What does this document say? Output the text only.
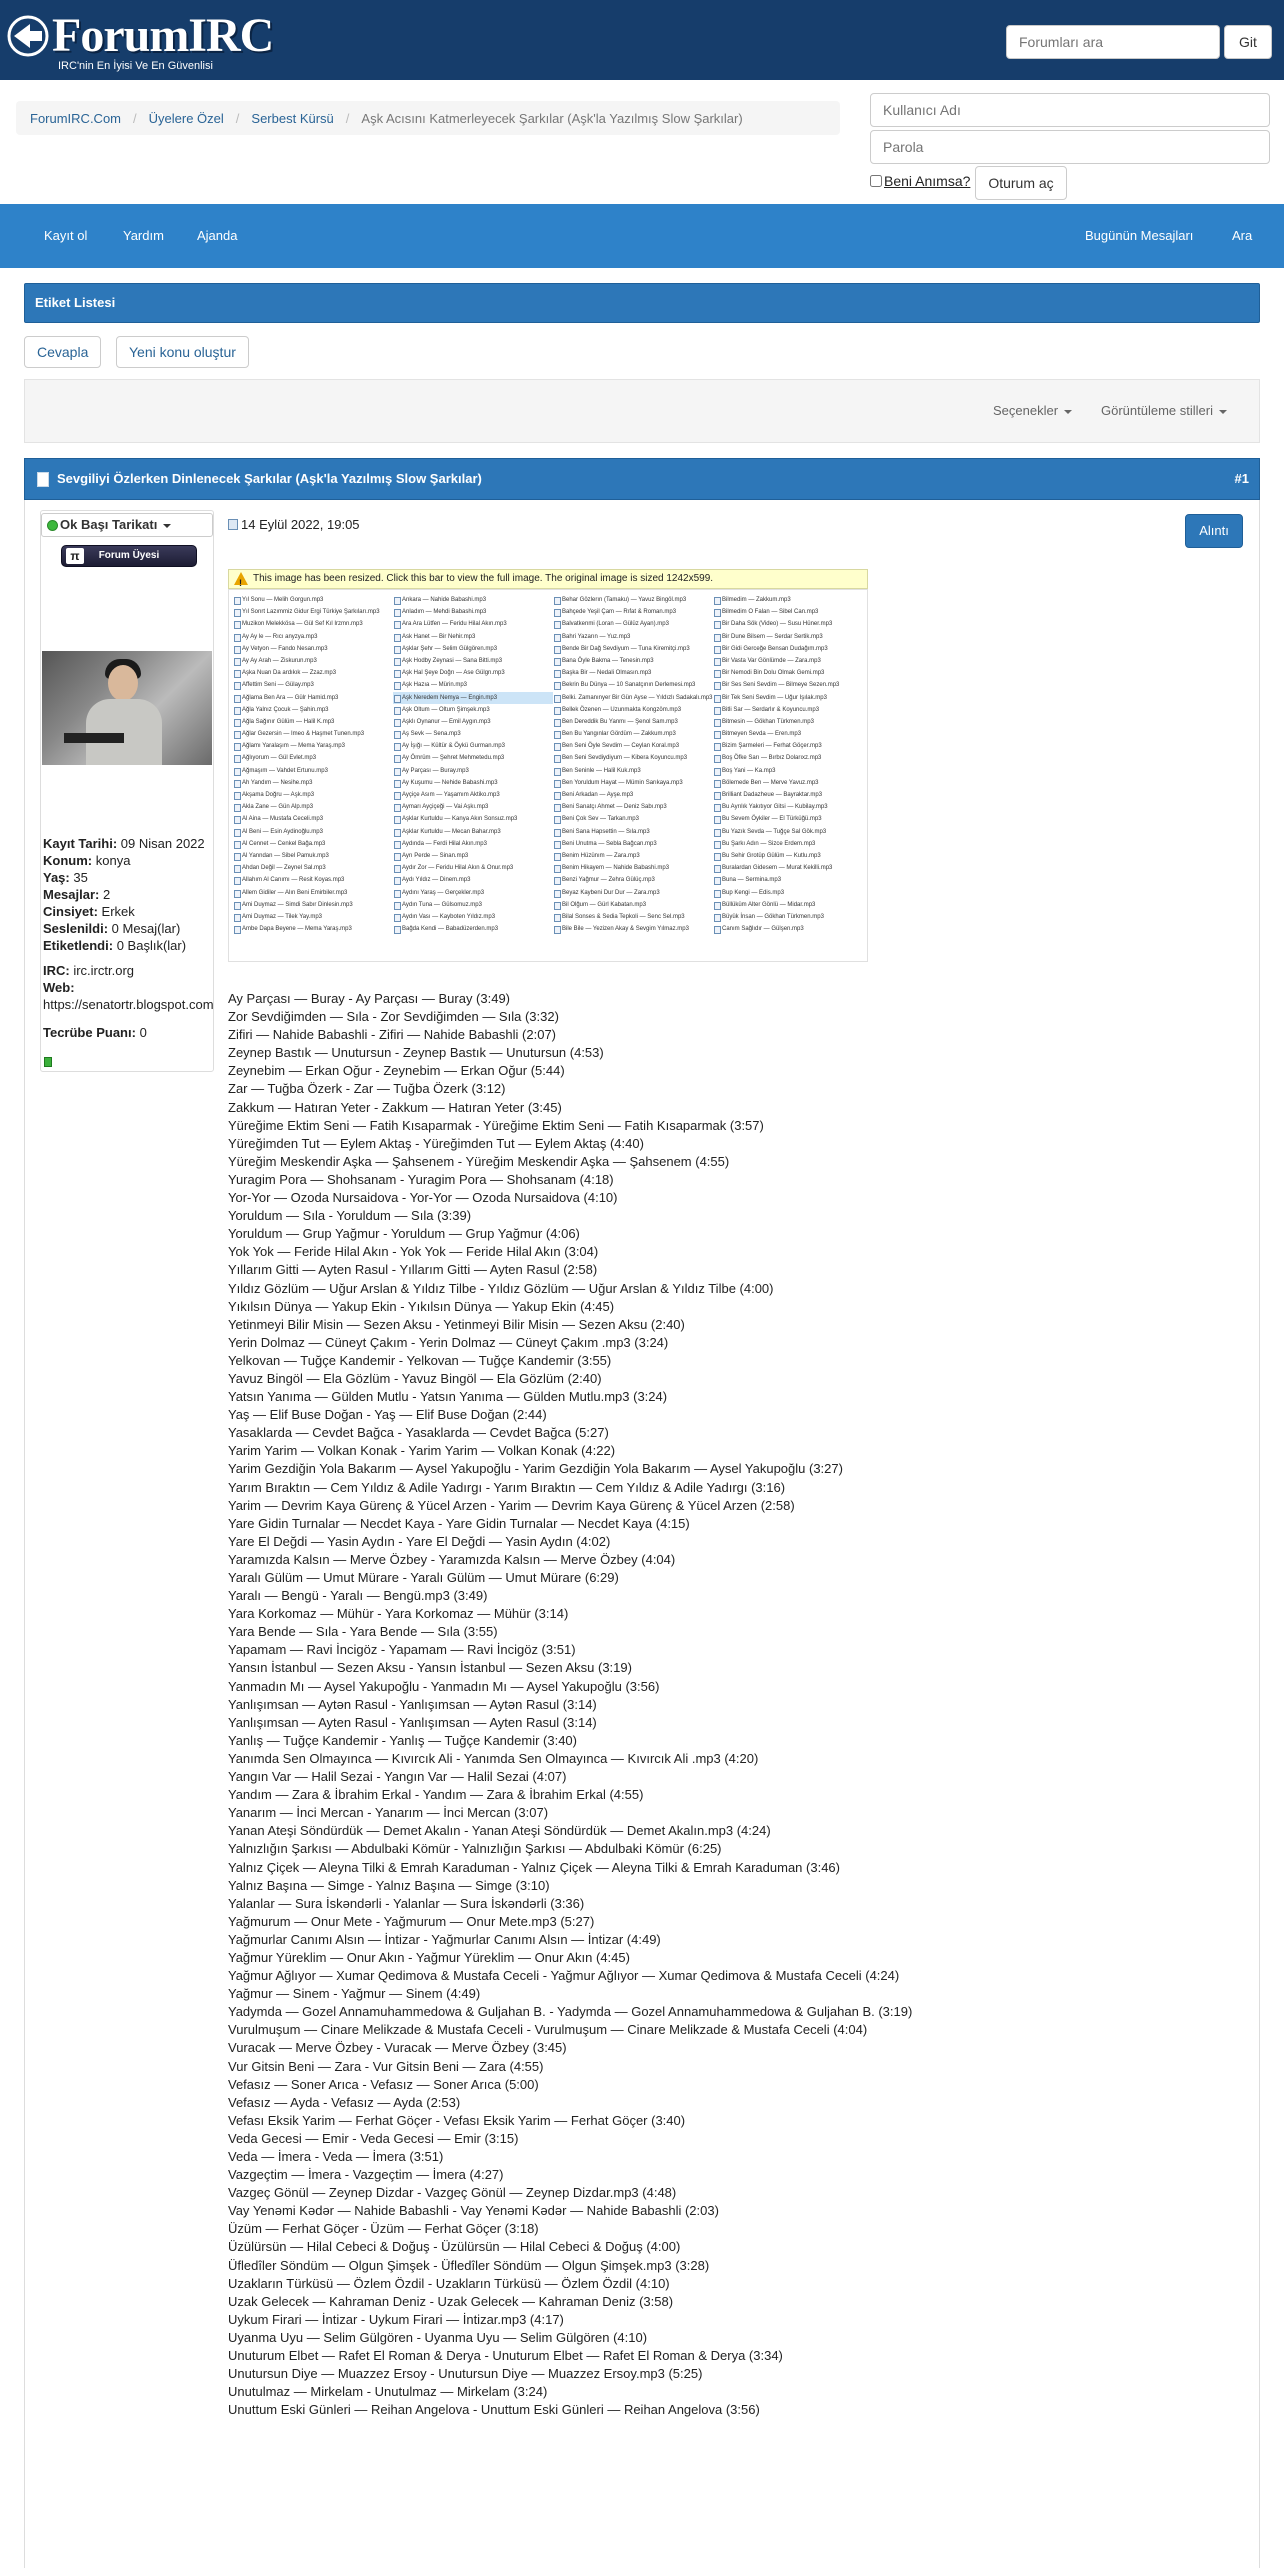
ForumIRC
IRC'nin En İyisi Ve En Güvenlisi
Forumları ara
Git
ForumIRC.Com / Üyelere Özel / Serbest Kürsü / Aşk Acısını Katmerleyecek Şarkılar (Aşk'la Yazılmış Slow Şarkılar)
Kullanıcı Adı
Beni Anımsa?	Oturum aç
Kayıt ol	Yardım	Ajanda	Bugünün Mesajları	Ara
Etiket Listesi
Cevapla	Yeni konu oluştur
Seçenekler	Görüntüleme stilleri
Sevgiliyi Özlerken Dinlenecek Şarkılar (Aşk'la Yazılmış Slow Şarkılar)	#1
Ok Başı Tarikatı
π	Forum Üyesi
Kayıt Tarihi: 09 Nisan 2022
Konum: konya
Yaş: 35
Mesajlar: 2
Cinsiyet: Erkek
Seslenildi: 0 Mesaj(lar)
Etiketlendi: 0 Başlık(lar)
IRC: irc.irctr.org
Web:
https://senatortr.blogspot.com
Tecrübe Puanı: 0
14 Eylül 2022, 19:05	Alıntı
!
This image has been resized. Click this bar to view the full image. The original image is sized 1242x599.
Yıl Sonu — Melih Gorgun.mp3
Yıl Sonrt Lazımmiz Gidur Ergi Türkiye Şarkıları.mp3
Muzikon Melekkösa — Gül Sef Kıl Irzmn.mp3
Ay Ay le — Rıcı anyzya.mp3
Ay Vetyon — Fando Nesan.mp3
Ay Ay Arah — Ziskurun.mp3
Aşka Nuan Da ardıkık — Zzaz.mp3
Affettim Seni — Gülay.mp3
Ağlama Ben Ara — Gülr Hamid.mp3
Ağla Yalnız Çocuk — Şahin.mp3
Ağla Sağınır Gülüm — Halil K.mp3
Ağlar Gezersin — Imeo & Haşmet Tunen.mp3
Ağlamı Yaralaşım — Mema Yaraş.mp3
Ağlıyorum — Gül Evlet.mp3
Ağmaşım — Vahdet Ertunu.mp3
Ah Yandım — Nesihe.mp3
Akşama Doğru — Aşk.mp3
Akla Zane — Gün Alp.mp3
Al Aina — Mustafa Ceceli.mp3
Al Beni — Esin Aydinoğlu.mp3
Al Cennet — Cenkel Bağa.mp3
Al Yanndan — Sibel Pamuk.mp3
Ahdan Değil — Zeynel Sal.mp3
Allahım Al Canımı — Resit Koyas.mp3
Allem Gidiler — Alın Beni Emirbiler.mp3
Ami Duymaz — Simdi Sabır Dinlesin.mp3
Ami Duymaz — Tilek Yay.mp3
Ambe Dapa Beyene — Mema Yaraş.mp3
Ankara — Nahide Babashi.mp3
Anladım — Mehdi Babashi.mp3
Ara Ara Lütfen — Feridu Hilal Akın.mp3
Ask Hanet — Bir Nehir.mp3
Aşklar Şehr — Selim Gülgören.mp3
Aşk Hodby Zeynasi — Sana Bitti.mp3
Aşk Hal Şeye Doğrı — Ase Gülgn.mp3
Aşk Hazıa — Mürin.mp3
Aşk Neredem Nemya — Engin.mp3
Aşk Oltum — Oltum Şimşek.mp3
Aşklı Oynanur — Emil Aygın.mp3
Aş Sevk — Sena.mp3
Ay İşığı — Kültür & Öykü Gurman.mp3
Ay Ömrüm — Şehret Mehmetedu.mp3
Ay Parçası — Buray.mp3
Ay Kuşumu — Nehide Babashi.mp3
Ayçiçe Asım — Yaşamım Aktiko.mp3
Aymarı Ayçiçeği — Vai Aşkı.mp3
Aşklar Kurtuldu — Kanya Akın Sonsuz.mp3
Aşklar Kurtuldu — Mecan Bahar.mp3
Aydında — Ferdi Hilal Akın.mp3
Ayrı Perde — Sinan.mp3
Aydır Zor — Feridu Hilal Akın & Onur.mp3
Aydı Yıldız — Dinem.mp3
Aydını Yaraş — Gerçekler.mp3
Aydın Tuna — Gülsomuz.mp3
Aydın Vası — Kayboten Yıldız.mp3
Bağda Kendi — Babadüzerden.mp3
Behar Gözlerın (Tamaku) — Yavuz Bingöl.mp3
Bahçede Yeşil Çam — Rıfat & Roman.mp3
Balvatkenmi (Loran — Gülüz Ayan).mp3
Bahri Yazarın — Yuz.mp3
Bende Bir Dağ Sevdiyum — Tuna Kiremitçi.mp3
Bana Öyle Bakma — Tenesin.mp3
Başka Bir — Nedali Olmasın.mp3
Bekrin Bu Dünya — 10 Sanatçının Derlemesi.mp3
Belki. Zamanınyer Bir Gün Ayse — Yıldızlı Sadakalı.mp3
Bellek Özenen — Uzunmakta Kongzöm.mp3
Ben Dereddik Bu Yanmı — Şenol Sam.mp3
Ben Bu Yangınlar Gördüm — Zakkum.mp3
Ben Seni Öyle Sevdim — Ceylan Koral.mp3
Ben Seni Sevdiydiyum — Kibera Koyuncu.mp3
Ben Seninle — Halil Kuk.mp3
Ben Yoruldum Hayat — Mümin Sarıkaya.mp3
Beni Arkadan — Ayşe.mp3
Beni Sanatçı Ahmet — Deniz Sabı.mp3
Beni Çok Sev — Tarkan.mp3
Beni Sana Hapsettin — Sıla.mp3
Beni Unutma — Sebla Bağcan.mp3
Benim Hüzünım — Zara.mp3
Benim Hikayem — Nahide Babashi.mp3
Benzi Yağmur — Zehra Gülüç.mp3
Beyaz Kaybeni Dur Dur — Zara.mp3
Bil Olğum — Gürl Kabatan.mp3
Bilal Sonses & Sedia Tepkoli — Senc Sel.mp3
Bile Bile — Yezizen Akay & Sevgim Yılmaz.mp3
Bilmedim — Zakkum.mp3
Bilmedim O Falan — Sibel Can.mp3
Bir Daha Sök (Video) — Susu Hüner.mp3
Bir Dune Bilsem — Serdar Sertik.mp3
Bir Gidi Gerceğe Bensan Dudağım.mp3
Bir Vasta Var Gönlümde — Zara.mp3
Bir Nemodi Bin Dolu Olmak Gemi.mp3
Bir Ses Seni Sevdim — Bilmeye Sezen.mp3
Bir Tek Seni Sevdim — Uğur Işılak.mp3
Bitli Sar — Serdarlır & Koyuncu.mp3
Bitmesin — Gökhan Türkmen.mp3
Bitmeyen Sevda — Eren.mp3
Bizim Şarmeleri — Ferhat Göçer.mp3
Boş Öfke Sarı — Bırbız Dolarıxz.mp3
Boş Yani — Ka.mp3
Bölemede Ben — Merve Yavuz.mp3
Brilliant Dadazheue — Bayraktar.mp3
Bu Ayrılık Yakıtıyor Gitsi — Kubilay.mp3
Bu Sevem Öykiler — El Türküğü.mp3
Bu Yazık Sevda — Tuğçe Sal Gök.mp3
Bu Şarkı Adın — Sizce Erdem.mp3
Bu Sehir Grotüp Gülüm — Kutlu.mp3
Buralardan Gidesem — Murat Kekilli.mp3
Buna — Sermina.mp3
Bup Kengi — Edis.mp3
Büllüküm Alter Gönlü — Midar.mp3
Büyük İnsan — Gökhan Türkmen.mp3
Canım Sağlıdır — Gülşen.mp3
Ay Parçası — Buray - Ay Parçası — Buray (3:49)
Zor Sevdiğimden — Sıla - Zor Sevdiğimden — Sıla (3:32)
Zifiri — Nahide Babashli - Zifiri — Nahide Babashli (2:07)
Zeynep Bastık — Unutursun - Zeynep Bastık — Unutursun (4:53)
Zeynebim — Erkan Oğur - Zeynebim — Erkan Oğur (5:44)
Zar — Tuğba Özerk - Zar — Tuğba Özerk (3:12)
Zakkum — Hatıran Yeter - Zakkum — Hatıran Yeter (3:45)
Yüreğime Ektim Seni — Fatih Kısaparmak - Yüreğime Ektim Seni — Fatih Kısaparmak (3:57)
Yüreğimden Tut — Eylem Aktaş - Yüreğimden Tut — Eylem Aktaş (4:40)
Yüreğim Meskendir Aşka — Şahsenem - Yüreğim Meskendir Aşka — Şahsenem (4:55)
Yuragim Pora — Shohsanam - Yuragim Pora — Shohsanam (4:18)
Yor-Yor — Ozoda Nursaidova - Yor-Yor — Ozoda Nursaidova (4:10)
Yoruldum — Sıla - Yoruldum — Sıla (3:39)
Yoruldum — Grup Yağmur - Yoruldum — Grup Yağmur (4:06)
Yok Yok — Feride Hilal Akın - Yok Yok — Feride Hilal Akın (3:04)
Yıllarım Gitti — Ayten Rasul - Yıllarım Gitti — Ayten Rasul (2:58)
Yıldız Gözlüm — Uğur Arslan & Yıldız Tilbe - Yıldız Gözlüm — Uğur Arslan & Yıldız Tilbe (4:00)
Yıkılsın Dünya — Yakup Ekin - Yıkılsın Dünya — Yakup Ekin (4:45)
Yetinmeyi Bilir Misin — Sezen Aksu - Yetinmeyi Bilir Misin — Sezen Aksu (2:40)
Yerin Dolmaz — Cüneyt Çakım - Yerin Dolmaz — Cüneyt Çakım .mp3 (3:24)
Yelkovan — Tuğçe Kandemir - Yelkovan — Tuğçe Kandemir (3:55)
Yavuz Bingöl — Ela Gözlüm - Yavuz Bingöl — Ela Gözlüm (2:40)
Yatsın Yanıma — Gülden Mutlu - Yatsın Yanıma — Gülden Mutlu.mp3 (3:24)
Yaş — Elif Buse Doğan - Yaş — Elif Buse Doğan (2:44)
Yasaklarda — Cevdet Bağca - Yasaklarda — Cevdet Bağca (5:27)
Yarim Yarim — Volkan Konak - Yarim Yarim — Volkan Konak (4:22)
Yarim Gezdiğin Yola Bakarım — Aysel Yakupoğlu - Yarim Gezdiğin Yola Bakarım — Aysel Yakupoğlu (3:27)
Yarım Bıraktın — Cem Yıldız & Adile Yadırgı - Yarım Bıraktın — Cem Yıldız & Adile Yadırgı (3:16)
Yarim — Devrim Kaya Gürenç & Yücel Arzen - Yarim — Devrim Kaya Gürenç & Yücel Arzen (2:58)
Yare Gidin Turnalar — Necdet Kaya - Yare Gidin Turnalar — Necdet Kaya (4:15)
Yare El Değdi — Yasin Aydın - Yare El Değdi — Yasin Aydın (4:02)
Yaramızda Kalsın — Merve Özbey - Yaramızda Kalsın — Merve Özbey (4:04)
Yaralı Gülüm — Umut Mürare - Yaralı Gülüm — Umut Mürare (6:29)
Yaralı — Bengü - Yaralı — Bengü.mp3 (3:49)
Yara Korkomaz — Mühür - Yara Korkomaz — Mühür (3:14)
Yara Bende — Sıla - Yara Bende — Sıla (3:55)
Yapamam — Ravi İncigöz - Yapamam — Ravi İncigöz (3:51)
Yansın İstanbul — Sezen Aksu - Yansın İstanbul — Sezen Aksu (3:19)
Yanmadın Mı — Aysel Yakupoğlu - Yanmadın Mı — Aysel Yakupoğlu (3:56)
Yanlışımsan — Aytən Rasul - Yanlışımsan — Aytən Rasul (3:14)
Yanlışımsan — Ayten Rasul - Yanlışımsan — Ayten Rasul (3:14)
Yanlış — Tuğçe Kandemir - Yanlış — Tuğçe Kandemir (3:40)
Yanımda Sen Olmayınca — Kıvırcık Ali - Yanımda Sen Olmayınca — Kıvırcık Ali .mp3 (4:20)
Yangın Var — Halil Sezai - Yangın Var — Halil Sezai (4:07)
Yandım — Zara & İbrahim Erkal - Yandım — Zara & İbrahim Erkal (4:55)
Yanarım — İnci Mercan - Yanarım — İnci Mercan (3:07)
Yanan Ateşi Söndürdük — Demet Akalın - Yanan Ateşi Söndürdük — Demet Akalın.mp3 (4:24)
Yalnızlığın Şarkısı — Abdulbaki Kömür - Yalnızlığın Şarkısı — Abdulbaki Kömür (6:25)
Yalnız Çiçek — Aleyna Tilki & Emrah Karaduman - Yalnız Çiçek — Aleyna Tilki & Emrah Karaduman (3:46)
Yalnız Başına — Simge - Yalnız Başına — Simge (3:10)
Yalanlar — Sura İskəndərli - Yalanlar — Sura İskəndərli (3:36)
Yağmurum — Onur Mete - Yağmurum — Onur Mete.mp3 (5:27)
Yağmurlar Canımı Alsın — İntizar - Yağmurlar Canımı Alsın — İntizar (4:49)
Yağmur Yüreklim — Onur Akın - Yağmur Yüreklim — Onur Akın (4:45)
Yağmur Ağlıyor — Xumar Qedimova & Mustafa Ceceli - Yağmur Ağlıyor — Xumar Qedimova & Mustafa Ceceli (4:24)
Yağmur — Sinem - Yağmur — Sinem (4:49)
Yadymda — Gozel Annamuhammedowa & Guljahan B. - Yadymda — Gozel Annamuhammedowa & Guljahan B. (3:19)
Vurulmuşum — Cinare Melikzade & Mustafa Ceceli - Vurulmuşum — Cinare Melikzade & Mustafa Ceceli (4:04)
Vuracak — Merve Özbey - Vuracak — Merve Özbey (3:45)
Vur Gitsin Beni — Zara - Vur Gitsin Beni — Zara (4:55)
Vefasız — Soner Arıca - Vefasız — Soner Arıca (5:00)
Vefasız — Ayda - Vefasız — Ayda (2:53)
Vefası Eksik Yarim — Ferhat Göçer - Vefası Eksik Yarim — Ferhat Göçer (3:40)
Veda Gecesi — Emir - Veda Gecesi — Emir (3:15)
Veda — İmera - Veda — İmera (3:51)
Vazgeçtim — İmera - Vazgeçtim — İmera (4:27)
Vazgeç Gönül — Zeynep Dizdar - Vazgeç Gönül — Zeynep Dizdar.mp3 (4:48)
Vay Yenəmi Kədər — Nahide Babashli - Vay Yenəmi Kədər — Nahide Babashli (2:03)
Üzüm — Ferhat Göçer - Üzüm — Ferhat Göçer (3:18)
Üzülürsün — Hilal Cebeci & Doğuş - Üzülürsün — Hilal Cebeci & Doğuş (4:00)
Üfledîler Söndüm — Olgun Şimşek - Üfledîler Söndüm — Olgun Şimşek.mp3 (3:28)
Uzakların Türküsü — Özlem Özdil - Uzakların Türküsü — Özlem Özdil (4:10)
Uzak Gelecek — Kahraman Deniz - Uzak Gelecek — Kahraman Deniz (3:58)
Uykum Firari — İntizar - Uykum Firari — İntizar.mp3 (4:17)
Uyanma Uyu — Selim Gülgören - Uyanma Uyu — Selim Gülgören (4:10)
Unuturum Elbet — Rafet El Roman & Derya - Unuturum Elbet — Rafet El Roman & Derya (3:34)
Unutursun Diye — Muazzez Ersoy - Unutursun Diye — Muazzez Ersoy.mp3 (5:25)
Unutulmaz — Mirkelam - Unutulmaz — Mirkelam (3:24)
Unuttum Eski Günleri — Reihan Angelova - Unuttum Eski Günleri — Reihan Angelova (3:56)
